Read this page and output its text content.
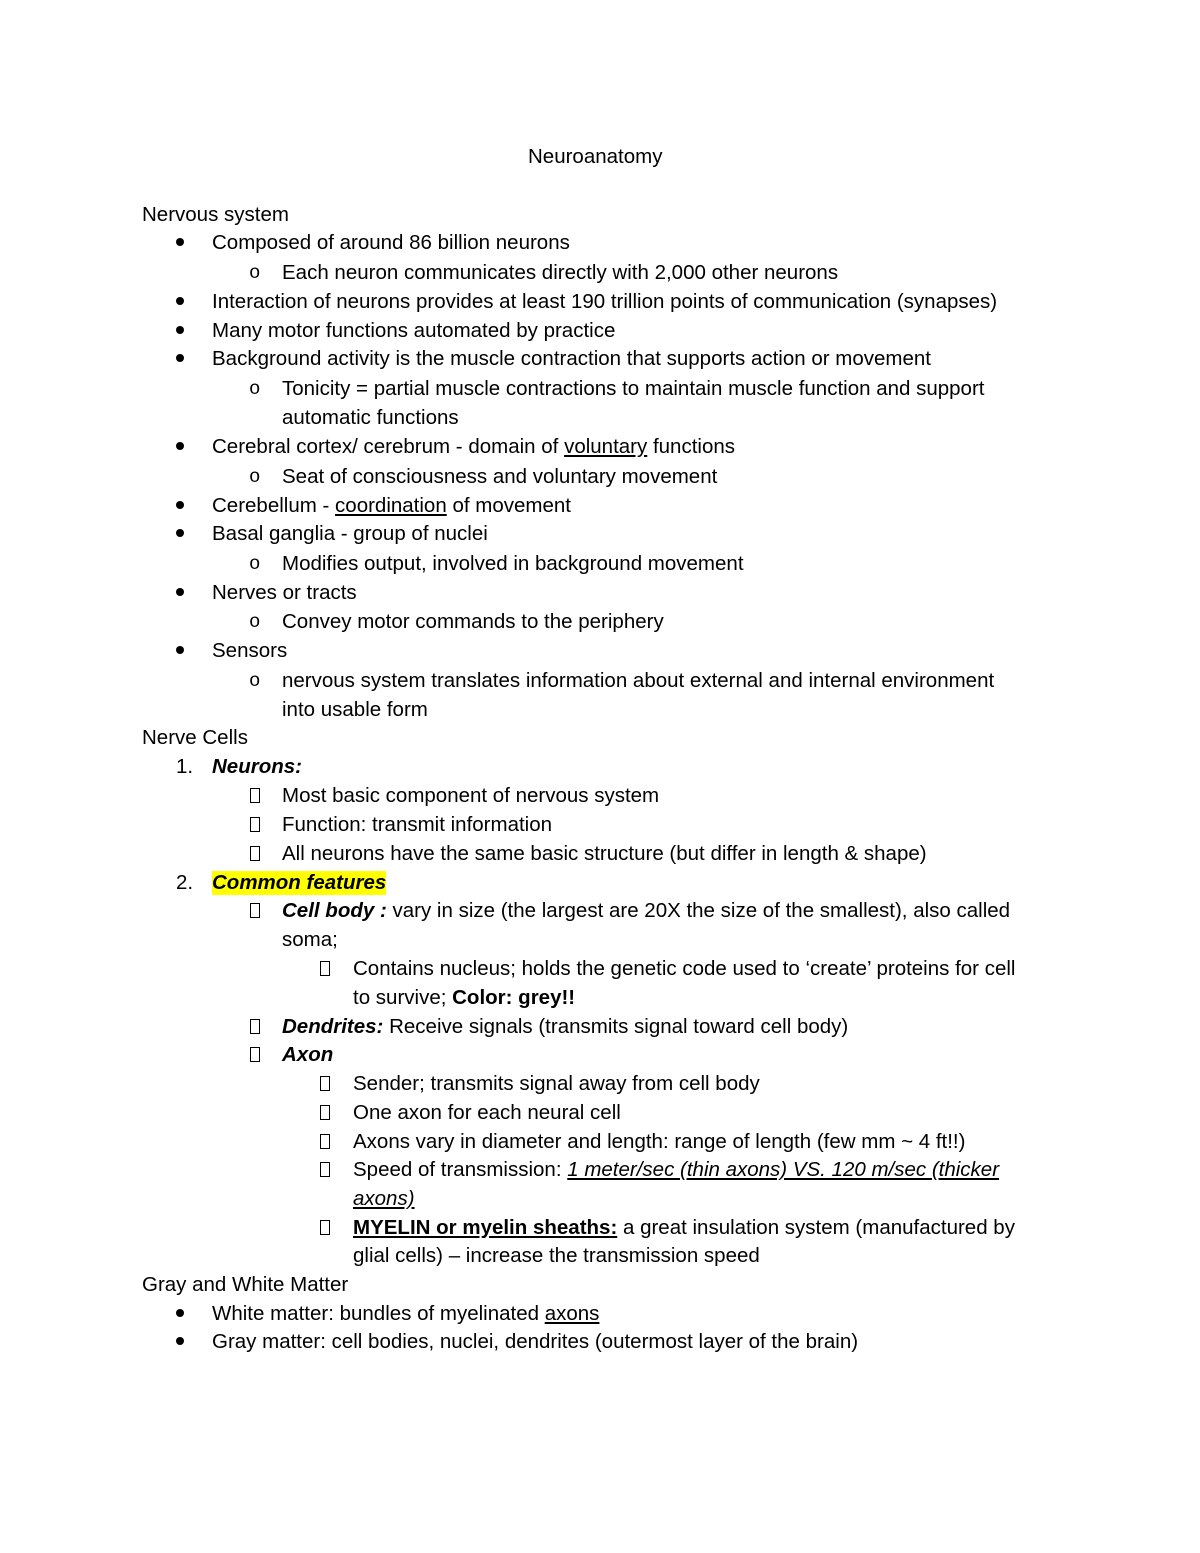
Neuroanatomy
Nervous system
Composed of around 86 billion neurons
o Each neuron communicates directly with 2,000 other neurons
Interaction of neurons provides at least 190 trillion points of communication (synapses)
Many motor functions automated by practice
Background activity is the muscle contraction that supports action or movement
o Tonicity = partial muscle contractions to maintain muscle function and support
automatic functions
Cerebral cortex/ cerebrum - domain of voluntary functions
o Seat of consciousness and voluntary movement
Cerebellum - coordination of movement
Basal ganglia - group of nuclei
o Modifies output, involved in background movement
Nerves or tracts
o Convey motor commands to the periphery
Sensors
o nervous system translates information about external and internal environment
into usable form
Nerve Cells
1. Neurons:
Most basic component of nervous system
Function: transmit information
All neurons have the same basic structure (but differ in length & shape)
2. Common features
Cell body : vary in size (the largest are 20X the size of the smallest), also called
soma;
Contains nucleus; holds the genetic code used to ‘create’ proteins for cell
to survive; Color: grey!!
Dendrites: Receive signals (transmits signal toward cell body)
Axon
Sender; transmits signal away from cell body
One axon for each neural cell
Axons vary in diameter and length: range of length (few mm ~ 4 ft!!)
Speed of transmission: 1 meter/sec (thin axons) VS. 120 m/sec (thicker
axons)
MYELIN or myelin sheaths: a great insulation system (manufactured by
glial cells) – increase the transmission speed
Gray and White Matter
White matter: bundles of myelinated axons
Gray matter: cell bodies, nuclei, dendrites (outermost layer of the brain)
